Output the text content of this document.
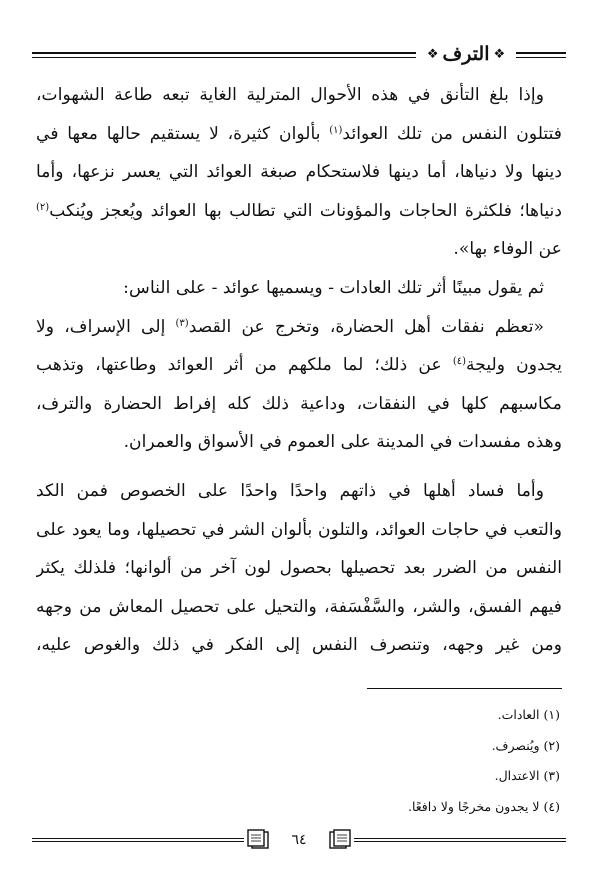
❖
الترف
❖
وإذا بلغ التأنق في هذه الأحوال المترلية الغاية تبعه طاعة الشهوات،
فتتلون النفس من تلك العوائد$^{(١)}$ بألوان كثيرة، لا يستقيم حالها معها في
دينها ولا دنياها، أما دينها فلاستحكام صبغة العوائد التي يعسر نزعها، وأما
دنياها؛ فلكثرة الحاجات والمؤونات التي تطالب بها العوائد ويُعجز ويُنكب$^{(٢)}$
عن الوفاء بها».
ثم يقول مبينًا أثر تلك العادات - ويسميها عوائد - على الناس:
«تعظم نفقات أهل الحضارة، وتخرج عن القصد$^{(٣)}$ إلى الإسراف، ولا
يجدون وليجة$^{(٤)}$ عن ذلك؛ لما ملكهم من أثر العوائد وطاعتها، وتذهب
مكاسبهم كلها في النفقات، وداعية ذلك كله إفراط الحضارة والترف،
وهذه مفسدات في المدينة على العموم في الأسواق والعمران.
وأما فساد أهلها في ذاتهم واحدًا واحدًا على الخصوص فمن الكد
والتعب في حاجات العوائد، والتلون بألوان الشر في تحصيلها، وما يعود على
النفس من الضرر بعد تحصيلها بحصول لون آخر من ألوانها؛ فلذلك يكثر
فيهم الفسق، والشر، والسَّفْسَفة، والتحيل على تحصيل المعاش من وجهه
ومن غير وجهه، وتنصرف النفس إلى الفكر في ذلك والغوص عليه،
(١) العادات.
(٢) ويُنصرف.
(٣) الاعتدال.
(٤) لا يجدون مخرجًا ولا دافعًا.
٦٤
